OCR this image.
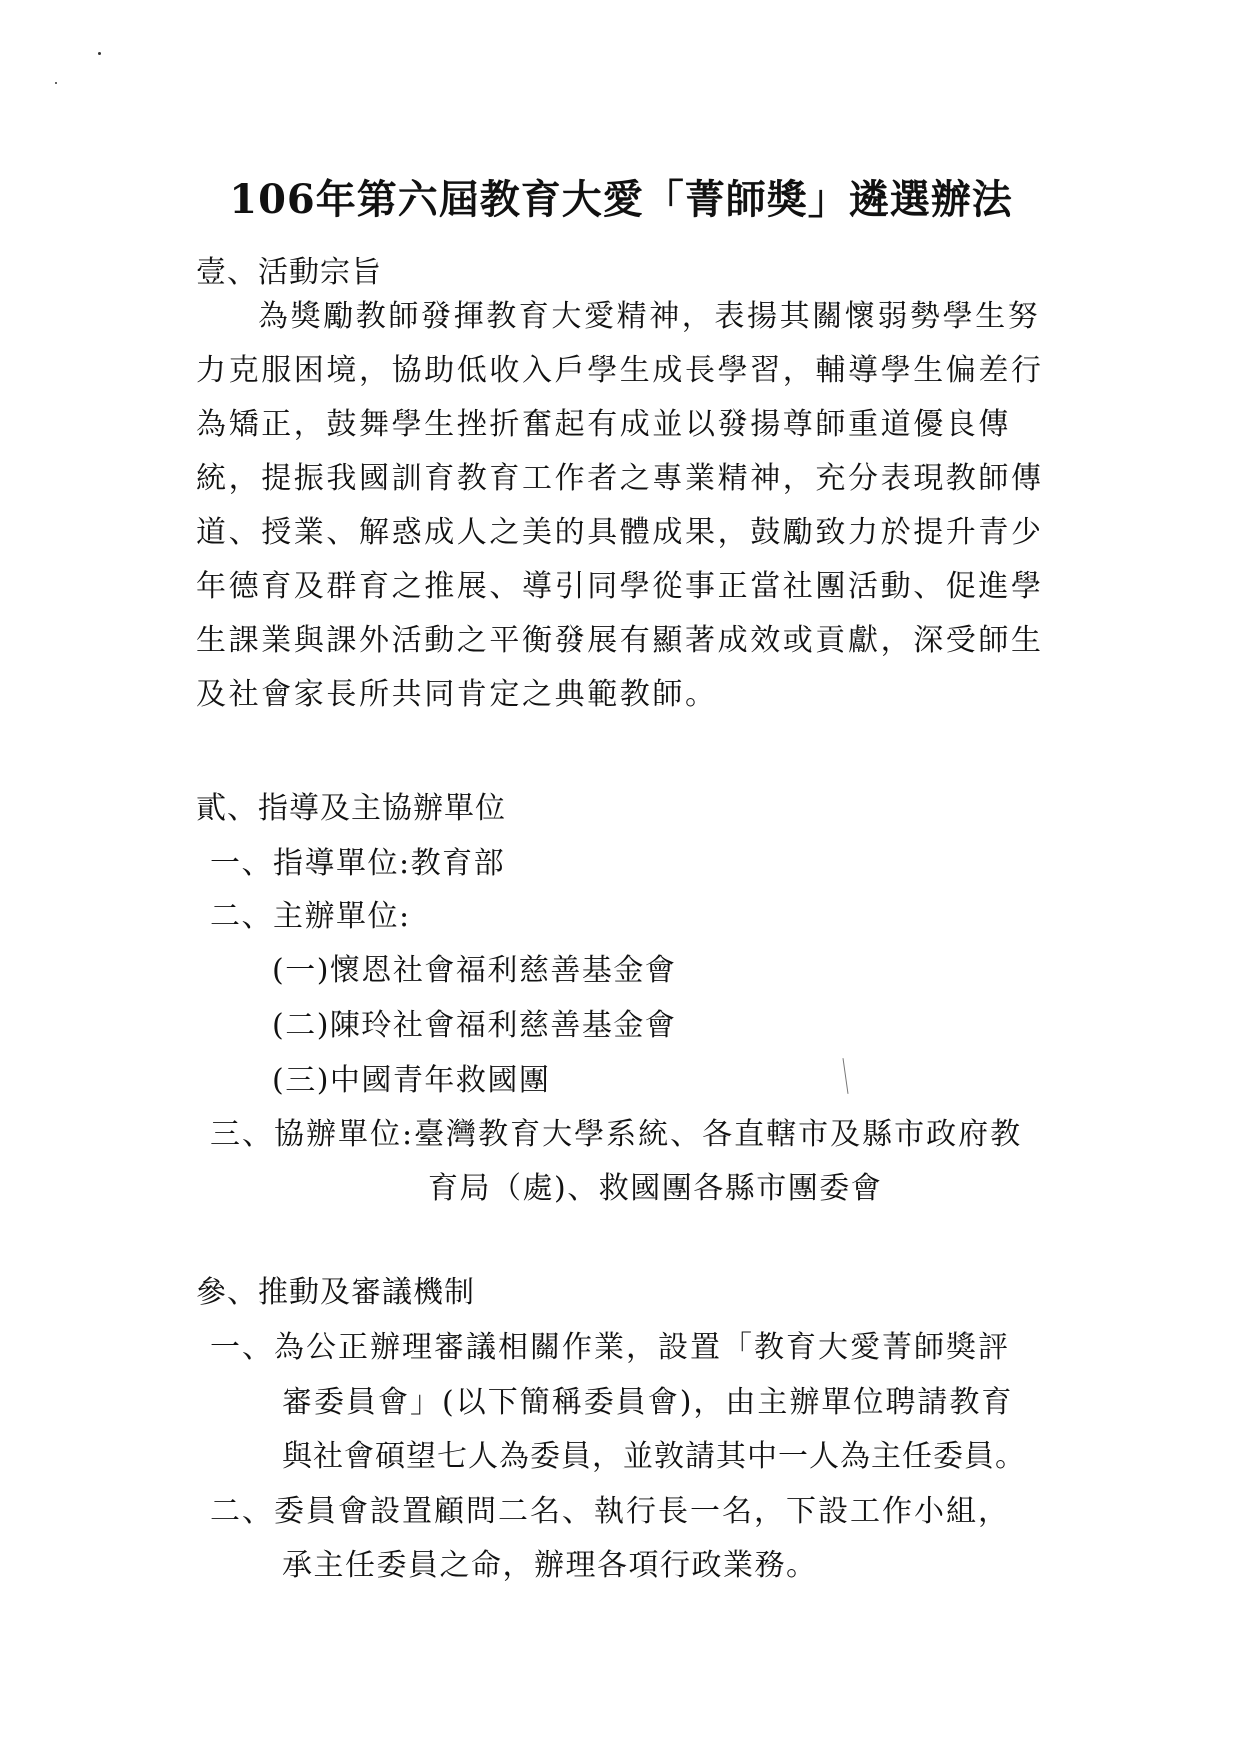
106年第六屆教育大愛「菁師獎」遴選辦法
壹、活動宗旨
為獎勵教師發揮教育大愛精神，表揚其關懷弱勢學生努
力克服困境，協助低收入戶學生成長學習，輔導學生偏差行
為矯正，鼓舞學生挫折奮起有成並以發揚尊師重道優良傳
統，提振我國訓育教育工作者之專業精神，充分表現教師傳
道、授業、解惑成人之美的具體成果，鼓勵致力於提升青少
年德育及群育之推展、導引同學從事正當社團活動、促進學
生課業與課外活動之平衡發展有顯著成效或貢獻，深受師生
及社會家長所共同肯定之典範教師。
貳、指導及主協辦單位
一、指導單位:教育部
二、主辦單位:
(一)懷恩社會福利慈善基金會
(二)陳玲社會福利慈善基金會
(三)中國青年救國團
三、協辦單位:臺灣教育大學系統、各直轄市及縣市政府教
育局（處)、救國團各縣市團委會
參、推動及審議機制
一、為公正辦理審議相關作業，設置「教育大愛菁師獎評
審委員會」(以下簡稱委員會)，由主辦單位聘請教育
與社會碩望七人為委員，並敦請其中一人為主任委員。
二、委員會設置顧問二名、執行長一名，下設工作小組，
承主任委員之命，辦理各項行政業務。
